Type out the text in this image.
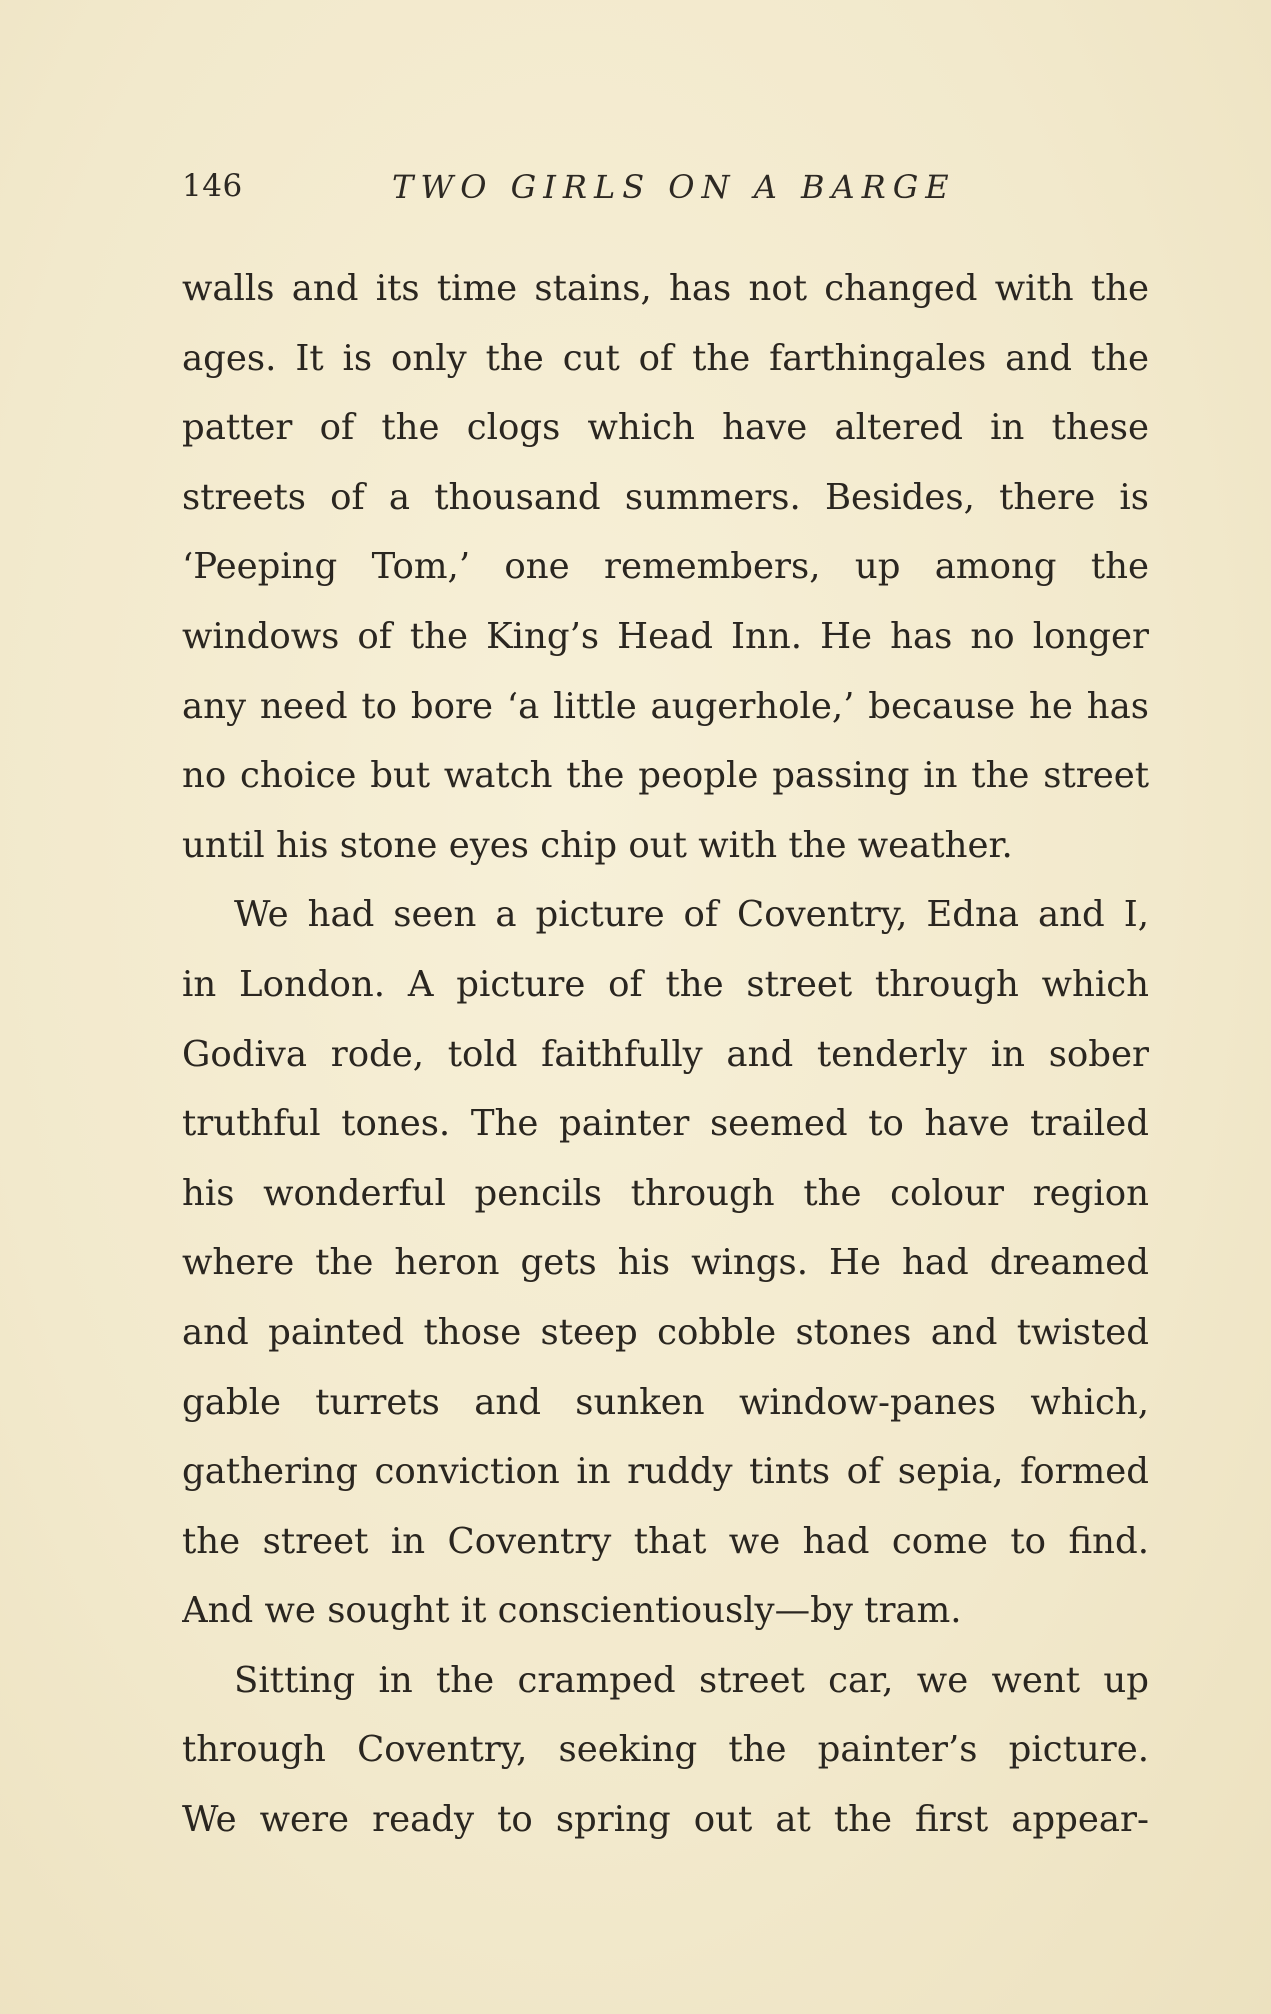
146	TWO GIRLS ON A BARGE
walls and its time stains, has not changed with the
ages. It is only the cut of the farthingales and the
patter of the clogs which have altered in these
streets of a thousand summers. Besides, there is
‘Peeping Tom,’ one remembers, up among the
windows of the King’s Head Inn. He has no longer
any need to bore ‘a little augerhole,’ because he has
no choice but watch the people passing in the street
until his stone eyes chip out with the weather.
We had seen a picture of Coventry, Edna and I,
in London. A picture of the street through which
Godiva rode, told faithfully and tenderly in sober
truthful tones. The painter seemed to have trailed
his wonderful pencils through the colour region
where the heron gets his wings. He had dreamed
and painted those steep cobble stones and twisted
gable turrets and sunken window-panes which,
gathering conviction in ruddy tints of sepia, formed
the street in Coventry that we had come to find.
And we sought it conscientiously—by tram.
Sitting in the cramped street car, we went up
through Coventry, seeking the painter’s picture.
We were ready to spring out at the first appear-
